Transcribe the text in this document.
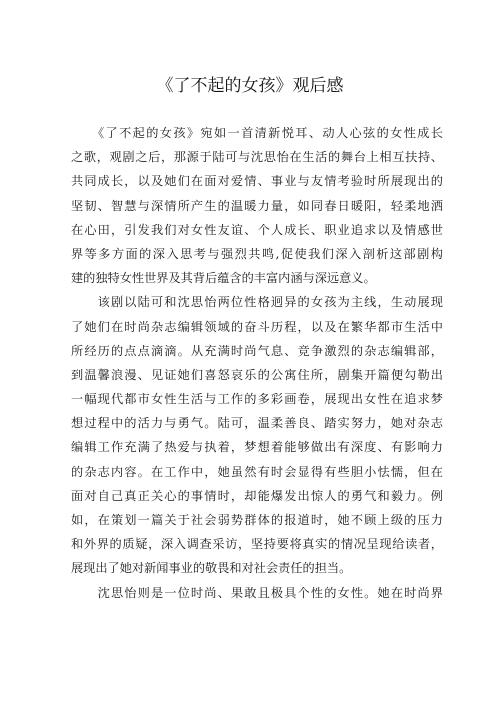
《了不起的女孩》观后感
　　《了不起的女孩》宛如一首清新悦耳、动人心弦的女性成长
之歌，观剧之后，那源于陆可与沈思怡在生活的舞台上相互扶持、
共同成长，以及她们在面对爱情、事业与友情考验时所展现出的
坚韧、智慧与深情所产生的温暖力量，如同春日暖阳，轻柔地洒
在心田，引发我们对女性友谊、个人成长、职业追求以及情感世
界等多方面的深入思考与强烈共鸣,促使我们深入剖析这部剧构
建的独特女性世界及其背后蕴含的丰富内涵与深远意义。
　　该剧以陆可和沈思怡两位性格迥异的女孩为主线，生动展现
了她们在时尚杂志编辑领域的奋斗历程，以及在繁华都市生活中
所经历的点点滴滴。从充满时尚气息、竞争激烈的杂志编辑部，
到温馨浪漫、见证她们喜怒哀乐的公寓住所，剧集开篇便勾勒出
一幅现代都市女性生活与工作的多彩画卷，展现出女性在追求梦
想过程中的活力与勇气。陆可，温柔善良、踏实努力，她对杂志
编辑工作充满了热爱与执着，梦想着能够做出有深度、有影响力
的杂志内容。在工作中，她虽然有时会显得有些胆小怯懦，但在
面对自己真正关心的事情时，却能爆发出惊人的勇气和毅力。例
如，在策划一篇关于社会弱势群体的报道时，她不顾上级的压力
和外界的质疑，深入调查采访，坚持要将真实的情况呈现给读者，
展现出了她对新闻事业的敬畏和对社会责任的担当。
　　沈思怡则是一位时尚、果敢且极具个性的女性。她在时尚界
